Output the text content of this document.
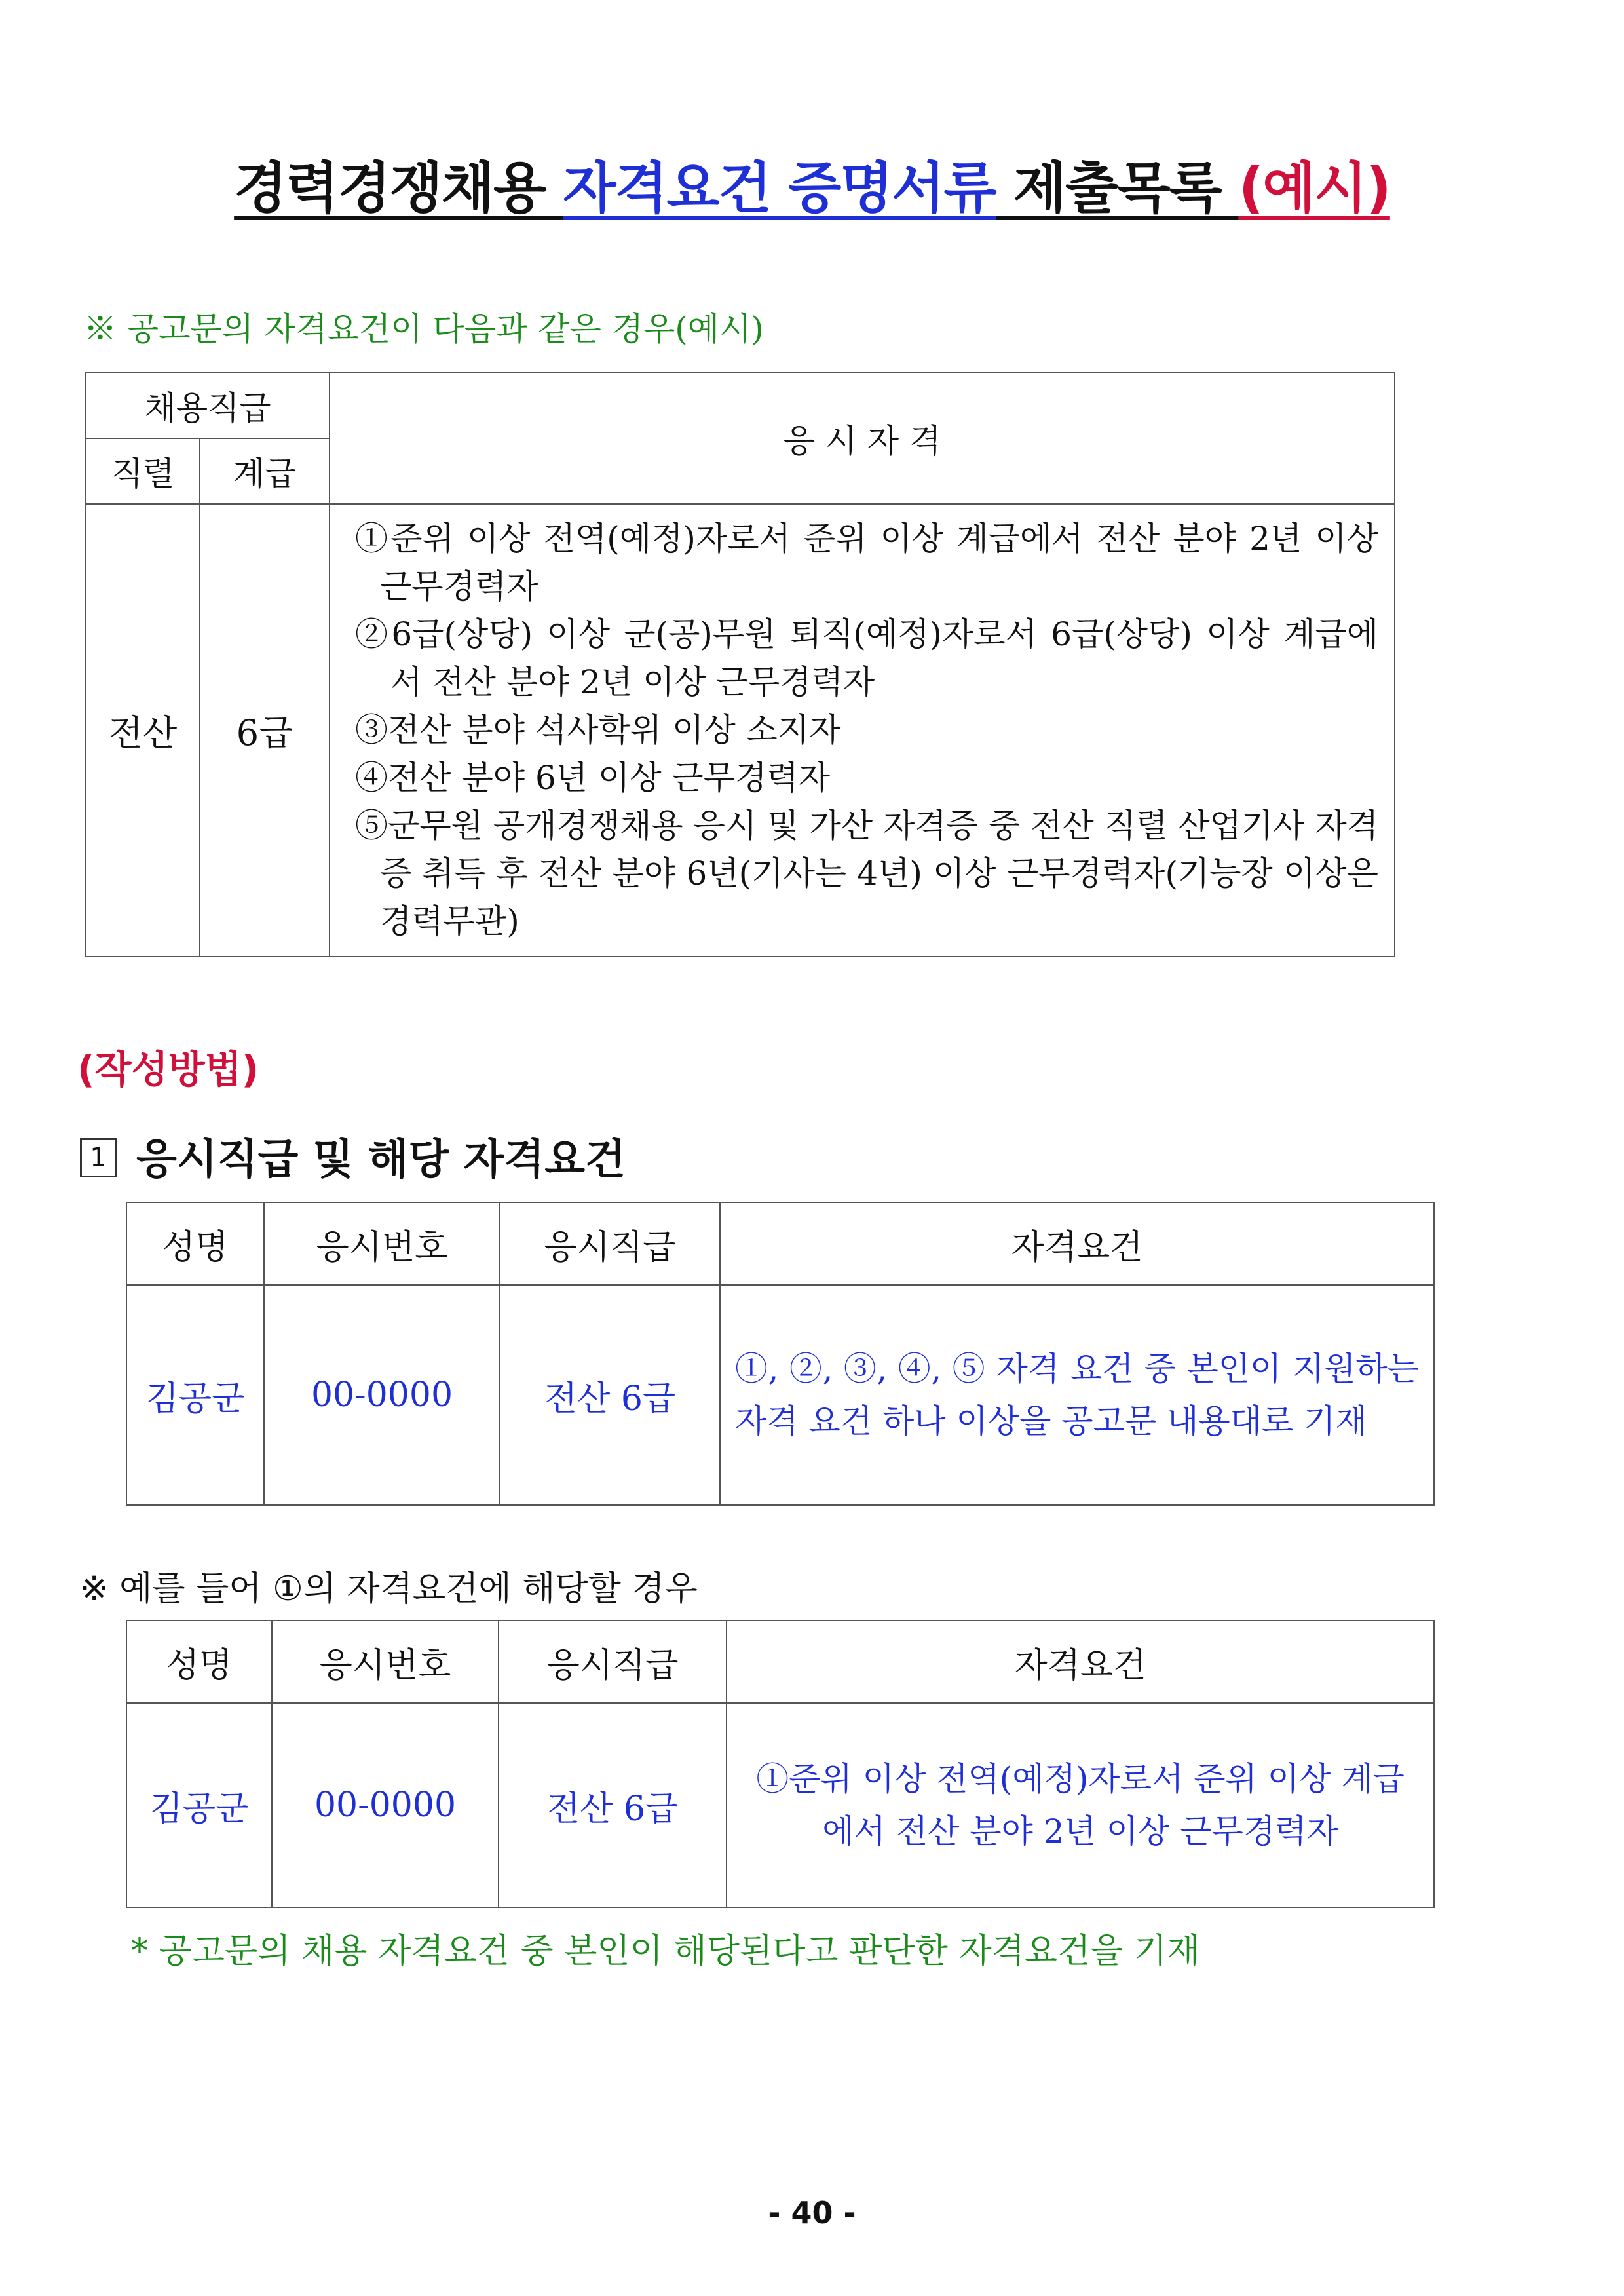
경력경쟁채용 자격요건 증명서류 제출목록 (예시)
※ 공고문의 자격요건이 다음과 같은 경우(예시)
채용직급		응 시 자 격
직렬	계급	
전산	6급	①준위 이상 전역(예정)자로서 준위 이상 계급에서 전산 분야 2년 이상 근무경력자
②6급(상당) 이상 군(공)무원 퇴직(예정)자로서 6급(상당) 이상 계급에서 전산 분야 2년 이상 근무경력자
③전산 분야 석사학위 이상 소지자
④전산 분야 6년 이상 근무경력자
⑤군무원 공개경쟁채용 응시 및 가산 자격증 중 전산 직렬 산업기사 자격증 취득 후 전산 분야 6년(기사는 4년) 이상 근무경력자(기능장 이상은 경력무관)
(작성방법)
1 응시직급 및 해당 자격요건
성명	응시번호	응시직급	자격요건
김공군	00-0000	전산 6급	①, ②, ③, ④, ⑤ 자격 요건 중 본인이 지원하는 자격 요건 하나 이상을 공고문 내용대로 기재
※ 예를 들어 ①의 자격요건에 해당할 경우
성명	응시번호	응시직급	자격요건
김공군	00-0000	전산 6급	①준위 이상 전역(예정)자로서 준위 이상 계급에서 전산 분야 2년 이상 근무경력자
* 공고문의 채용 자격요건 중 본인이 해당된다고 판단한 자격요건을 기재
- 40 -
